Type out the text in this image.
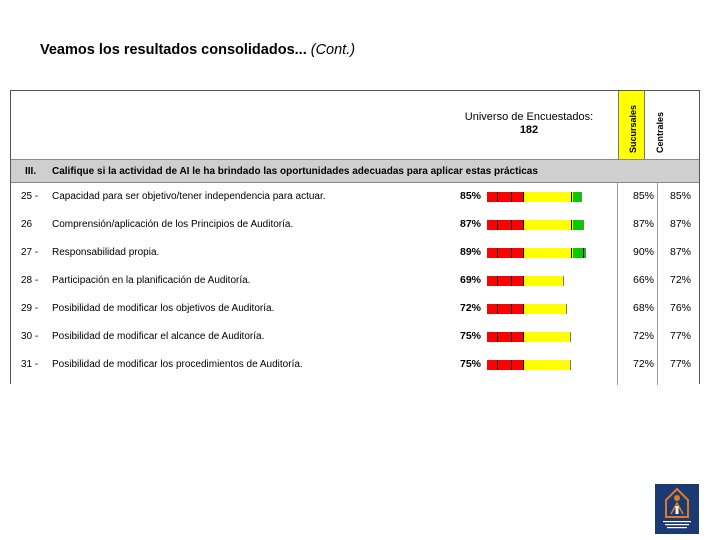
Veamos los resultados consolidados... (Cont.)
Universo de Encuestados:
182	Sucursales Centrales
III. Califique si la actividad de AI le ha brindado las oportunidades adecuadas para aplicar estas prácticas
25 - Capacidad para ser objetivo/tener independencia para actuar.	85%	85%	85%
26 Comprensión/aplicación de los Principios de Auditoría.	87%	87%	87%
27 - Responsabilidad propia.	89%	90%	87%
28 - Participación en la planificación de Auditoría.	69%	66%	72%
29 - Posibilidad de modificar los objetivos de Auditoría.	72%	68%	76%
30 - Posibilidad de modificar el alcance de Auditoría.	75%	72%	77%
31 - Posibilidad de modificar los procedimientos de Auditoría.	75%	72%	77%
